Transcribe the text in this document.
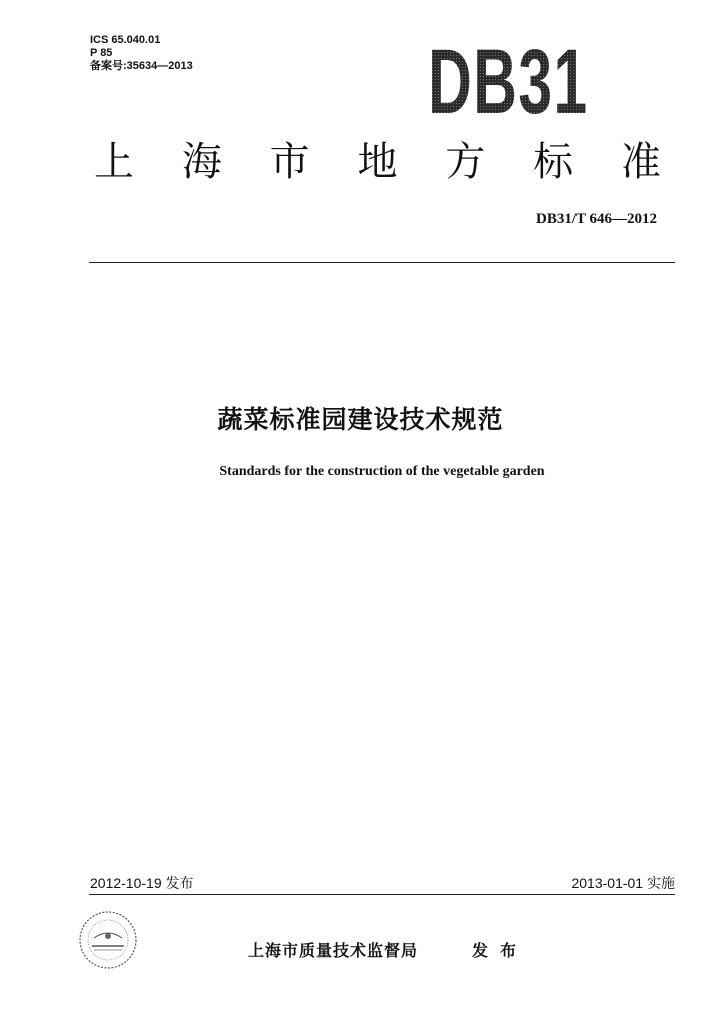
ICS 65.040.01
P 85
备案号:35634—2013	DB31
上 海 市 地 方 标 准
DB31/T 646—2012
蔬菜标准园建设技术规范
Standards for the construction of the vegetable garden
2012-10-19 发布	2013-01-01 实施
上海市质量技术监督局	发布
